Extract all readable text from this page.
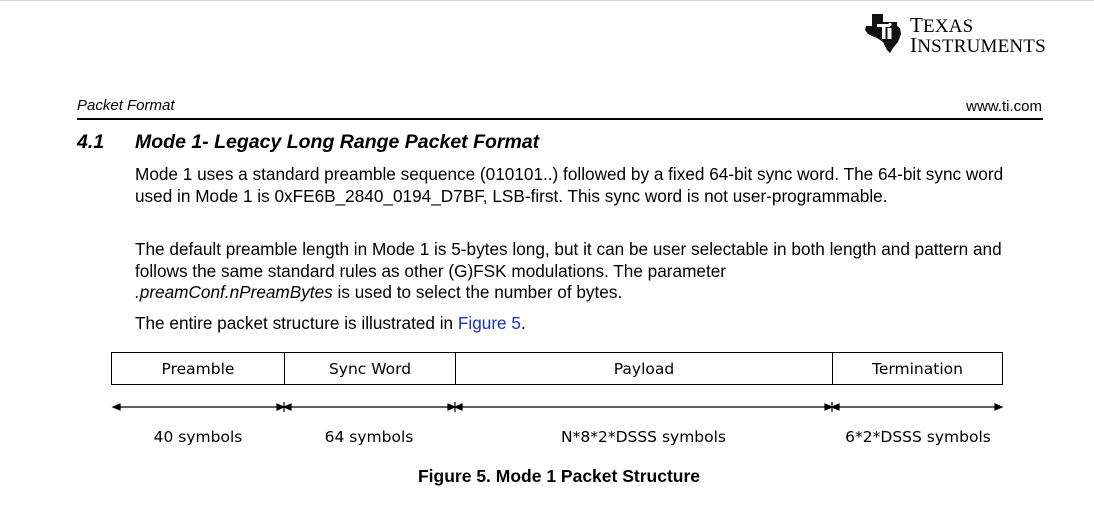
TEXAS
INSTRUMENTS
Packet Format	www.ti.com
4.1 Mode 1- Legacy Long Range Packet Format
Mode 1 uses a standard preamble sequence (010101..) followed by a fixed 64-bit sync word. The 64-bit sync word used in Mode 1 is 0xFE6B_2840_0194_D7BF, LSB-first. This sync word is not user-programmable.
The default preamble length in Mode 1 is 5-bytes long, but it can be user selectable in both length and pattern and follows the same standard rules as other (G)FSK modulations. The parameter
.preamConf.nPreamBytes is used to select the number of bytes.
The entire packet structure is illustrated in Figure 5.
Preamble	Sync Word	Payload	Termination
40 symbols	64 symbols	N*8*2*DSSS symbols	6*2*DSSS symbols
Figure 5. Mode 1 Packet Structure
